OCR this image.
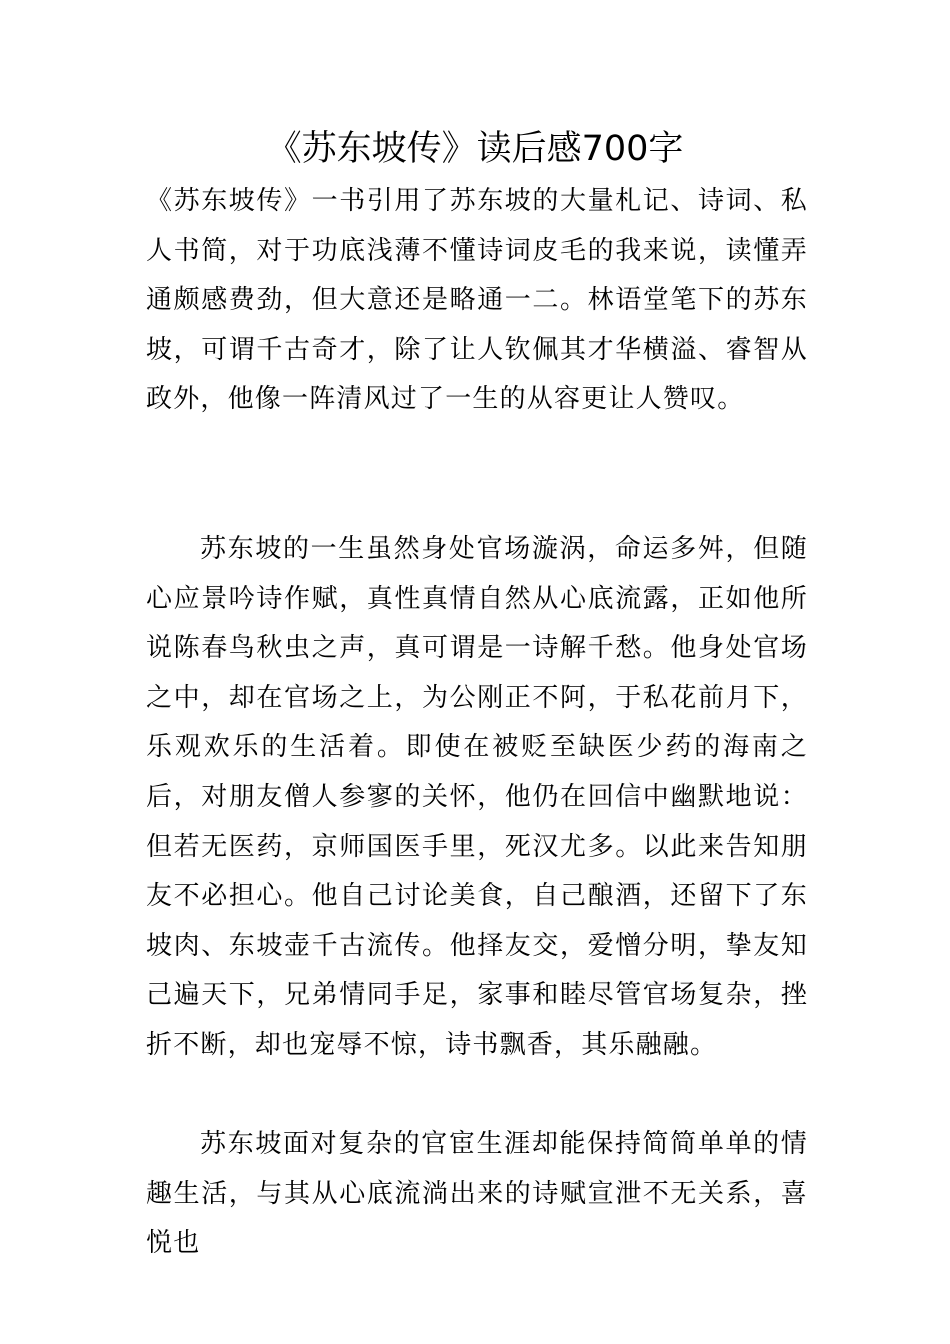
《苏东坡传》读后感700字

《苏东坡传》一书引用了苏东坡的大量札记、诗词、私人书简，对于功底浅薄不懂诗词皮毛的我来说，读懂弄通颇感费劲，但大意还是略通一二。林语堂笔下的苏东坡，可谓千古奇才，除了让人钦佩其才华横溢、睿智从政外，他像一阵清风过了一生的从容更让人赞叹。

苏东坡的一生虽然身处官场漩涡，命运多舛，但随心应景吟诗作赋，真性真情自然从心底流露，正如他所说陈春鸟秋虫之声，真可谓是一诗解千愁。他身处官场之中，却在官场之上，为公刚正不阿，于私花前月下，乐观欢乐的生活着。即使在被贬至缺医少药的海南之后，对朋友僧人参寥的关怀，他仍在回信中幽默地说：但若无医药，京师国医手里，死汉尤多。以此来告知朋友不必担心。他自己讨论美食，自己酿酒，还留下了东坡肉、东坡壶千古流传。他择友交，爱憎分明，挚友知己遍天下，兄弟情同手足，家事和睦尽管官场复杂，挫折不断，却也宠辱不惊，诗书飘香，其乐融融。

苏东坡面对复杂的官宦生涯却能保持简简单单的情趣生活，与其从心底流淌出来的诗赋宣泄不无关系，喜悦也
